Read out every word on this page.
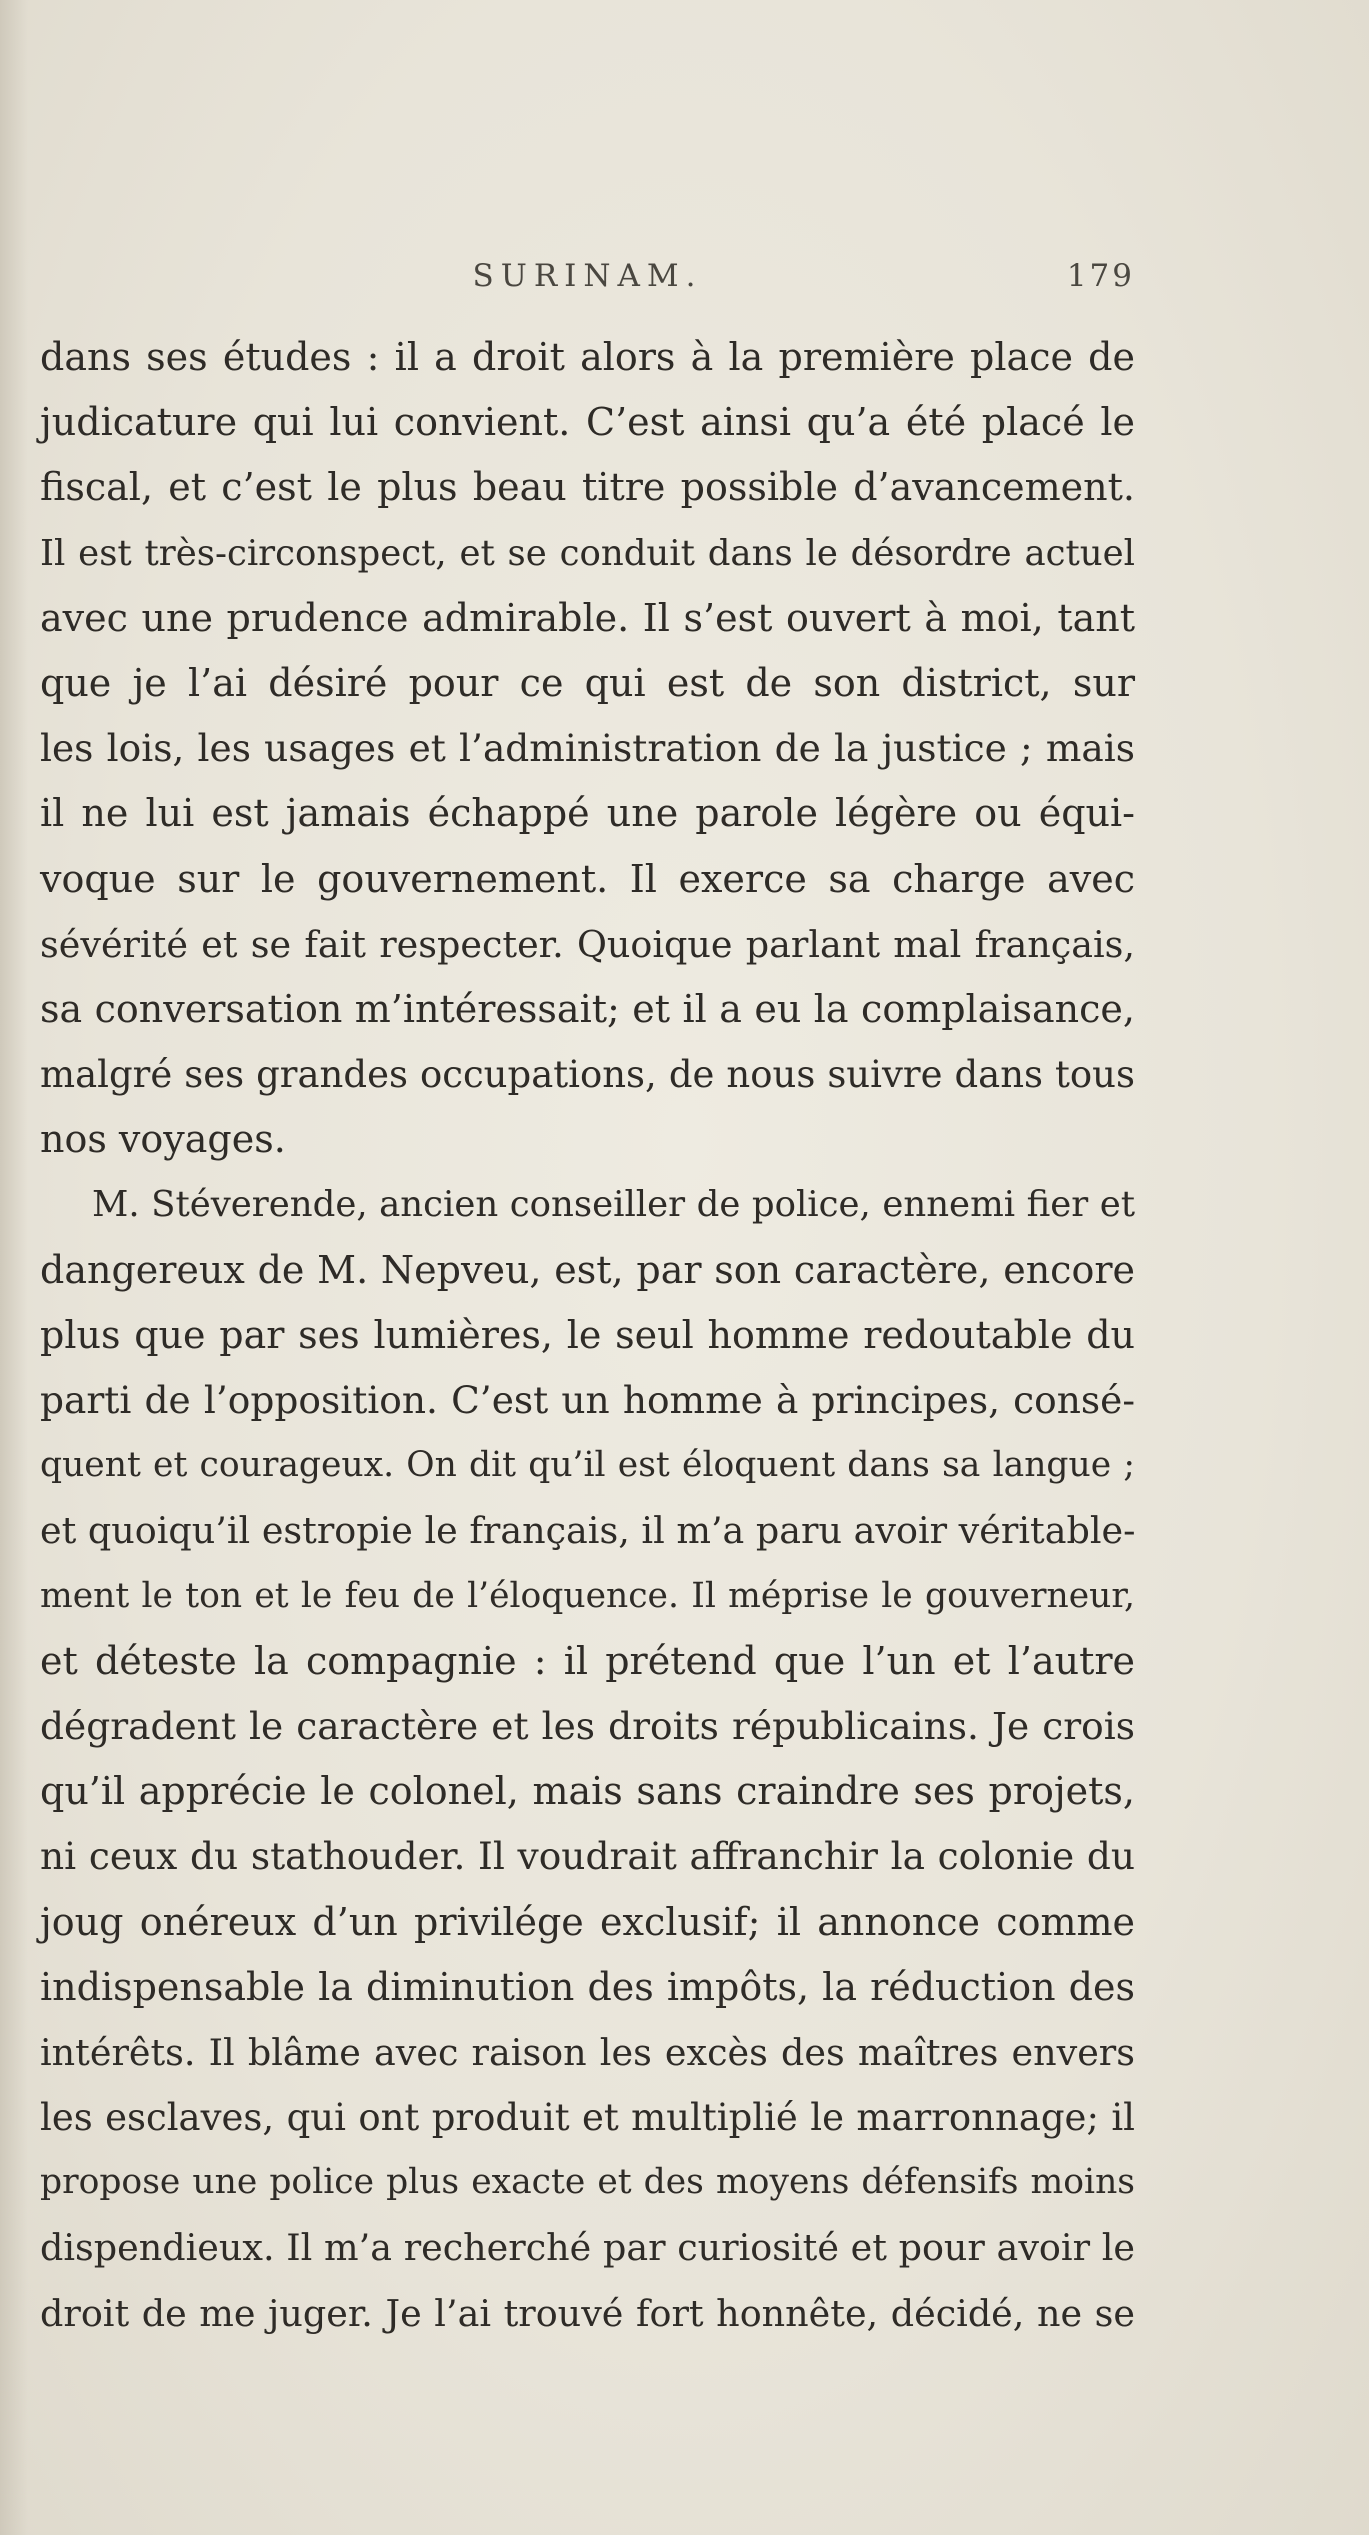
SURINAM.	179
dans ses études : il a droit alors à la première place de
judicature qui lui convient. C’est ainsi qu’a été placé le
fiscal, et c’est le plus beau titre possible d’avancement.
Il est très-circonspect, et se conduit dans le désordre actuel
avec une prudence admirable. Il s’est ouvert à moi, tant
que je l’ai désiré pour ce qui est de son district, sur
les lois, les usages et l’administration de la justice ; mais
il ne lui est jamais échappé une parole légère ou équi-
voque sur le gouvernement. Il exerce sa charge avec
sévérité et se fait respecter. Quoique parlant mal français,
sa conversation m’intéressait; et il a eu la complaisance,
malgré ses grandes occupations, de nous suivre dans tous
nos voyages.
M. Stéverende, ancien conseiller de police, ennemi fier et
dangereux de M. Nepveu, est, par son caractère, encore
plus que par ses lumières, le seul homme redoutable du
parti de l’opposition. C’est un homme à principes, consé-
quent et courageux. On dit qu’il est éloquent dans sa langue ;
et quoiqu’il estropie le français, il m’a paru avoir véritable-
ment le ton et le feu de l’éloquence. Il méprise le gouverneur,
et déteste la compagnie : il prétend que l’un et l’autre
dégradent le caractère et les droits républicains. Je crois
qu’il apprécie le colonel, mais sans craindre ses projets,
ni ceux du stathouder. Il voudrait affranchir la colonie du
joug onéreux d’un privilége exclusif; il annonce comme
indispensable la diminution des impôts, la réduction des
intérêts. Il blâme avec raison les excès des maîtres envers
les esclaves, qui ont produit et multiplié le marronnage; il
propose une police plus exacte et des moyens défensifs moins
dispendieux. Il m’a recherché par curiosité et pour avoir le
droit de me juger. Je l’ai trouvé fort honnête, décidé, ne se
